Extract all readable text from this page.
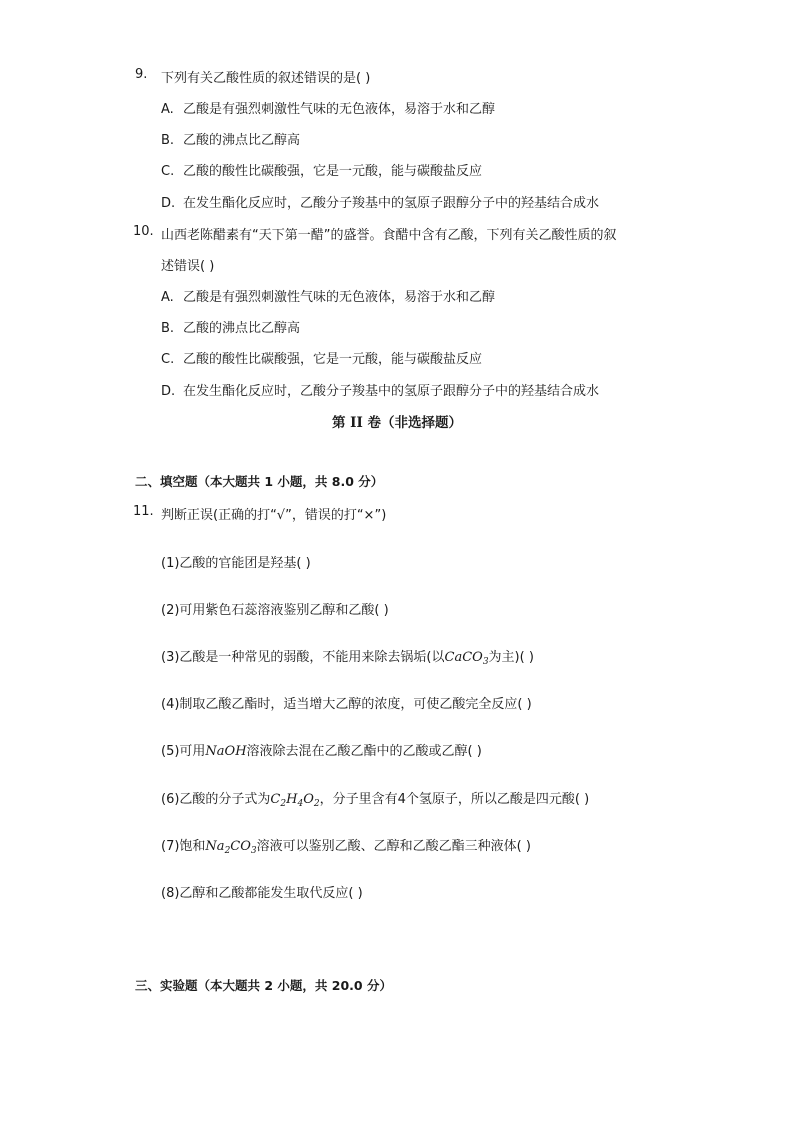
9. 下列有关乙酸性质的叙述错误的是( )
A. 乙酸是有强烈刺激性气味的无色液体，易溶于水和乙醇
B. 乙酸的沸点比乙醇高
C. 乙酸的酸性比碳酸强，它是一元酸，能与碳酸盐反应
D. 在发生酯化反应时，乙酸分子羧基中的氢原子跟醇分子中的羟基结合成水
10. 山西老陈醋素有“天下第一醋”的盛誉。食醋中含有乙酸，下列有关乙酸性质的叙
述错误( )
A. 乙酸是有强烈刺激性气味的无色液体，易溶于水和乙醇
B. 乙酸的沸点比乙醇高
C. 乙酸的酸性比碳酸强，它是一元酸，能与碳酸盐反应
D. 在发生酯化反应时，乙酸分子羧基中的氢原子跟醇分子中的羟基结合成水
第 II 卷（非选择题）
二、填空题（本大题共 1 小题，共 8.0 分）
11. 判断正误(正确的打“√”，错误的打“×”)
(1)乙酸的官能团是羟基( )
(2)可用紫色石蕊溶液鉴别乙醇和乙酸( )
(3)乙酸是一种常见的弱酸，不能用来除去锅垢(以CaCO$_3$为主)( )
(4)制取乙酸乙酯时，适当增大乙醇的浓度，可使乙酸完全反应( )
(5)可用NaOH溶液除去混在乙酸乙酯中的乙酸或乙醇( )
(6)乙酸的分子式为$C_2H_4O_2$，分子里含有4个氢原子，所以乙酸是四元酸( )
(7)饱和$Na_2CO_3$溶液可以鉴别乙酸、乙醇和乙酸乙酯三种液体( )
(8)乙醇和乙酸都能发生取代反应( )
三、实验题（本大题共 2 小题，共 20.0 分）
